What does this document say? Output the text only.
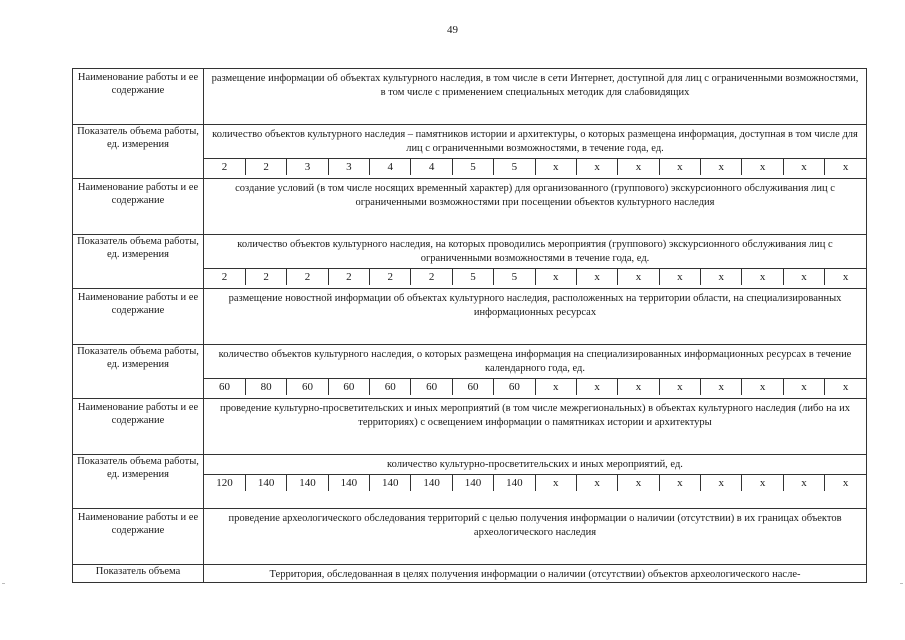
49
Наименование работы и ее содержание	
размещение информации об объектах культурного наследия, в том числе в сети Интернет, доступной для лиц с ограниченными возможностями, в том числе с применением специальных методик для слабовидящих

Показатель объема работы, ед. измерения	
количество объектов культурного наследия – памятников истории и архитектуры, о которых размещена информация, доступная в том числе для лиц с ограниченными возможностями, в течение года, ед.
2	2	3	3	4	4	5	5	x	x	x	x	x	x	x	x

Наименование работы и ее содержание	
создание условий (в том числе носящих временный характер) для организованного (группового) экскурсионного обслуживания лиц с ограниченными возможностями при посещении объектов культурного наследия

Показатель объема работы, ед. измерения	
количество объектов культурного наследия, на которых проводились мероприятия (группового) экскурсионного обслуживания лиц с ограниченными возможностями в течение года, ед.
2	2	2	2	2	2	5	5	x	x	x	x	x	x	x	x

Наименование работы и ее содержание	
размещение новостной информации об объектах культурного наследия, расположенных на территории области, на специализированных информационных ресурсах

Показатель объема работы, ед. измерения	
количество объектов культурного наследия, о которых размещена информация на специализированных информационных ресурсах в течение календарного года, ед.
60	80	60	60	60	60	60	60	x	x	x	x	x	x	x	x

Наименование работы и ее содержание	
проведение культурно-просветительских и иных мероприятий (в том числе межрегиональных) в объектах культурного наследия (либо на их территориях) с освещением информации о памятниках истории и архитектуры

Показатель объема работы, ед. измерения	
количество культурно-просветительских и иных мероприятий, ед.
120	140	140	140	140	140	140	140	x	x	x	x	x	x	x	x

Наименование работы и ее содержание	
проведение археологического обследования территорий с целью получения информации о наличии (отсутствии) в их границах объектов археологического наследия

Показатель объема	Территория, обследованная в целях получения информации о наличии (отсутствии) объектов археологического насле-
